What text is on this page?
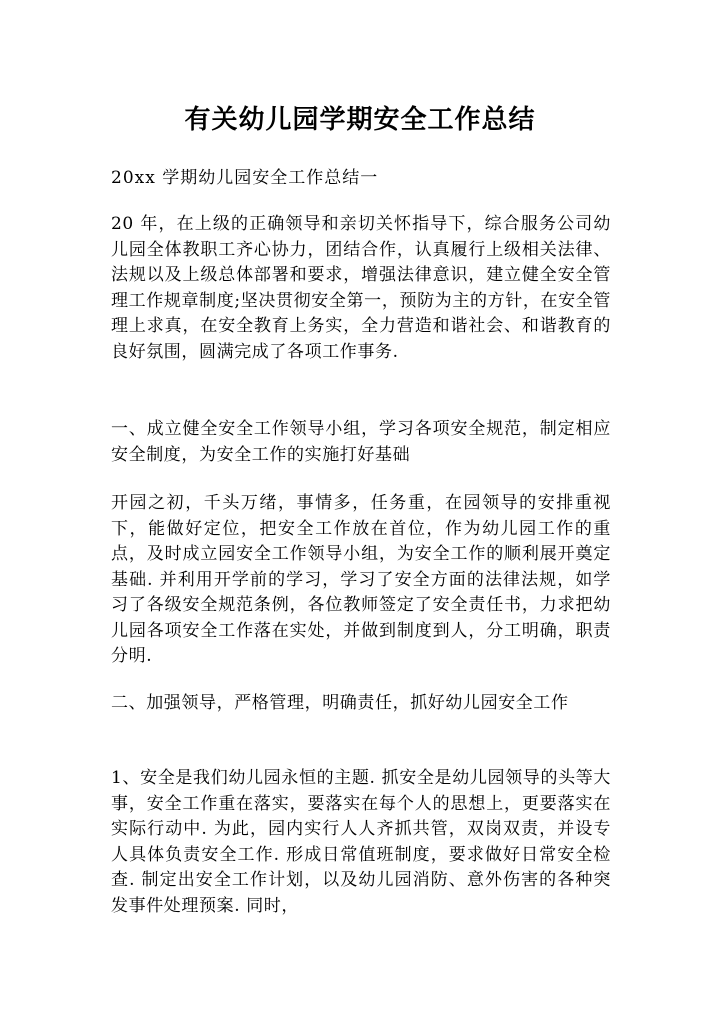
有关幼儿园学期安全工作总结

20xx 学期幼儿园安全工作总结一

20 年，在上级的正确领导和亲切关怀指导下，综合服务公司幼儿园全体教职工齐心协力，团结合作，认真履行上级相关法律、法规以及上级总体部署和要求，增强法律意识，建立健全安全管理工作规章制度;坚决贯彻安全第一，预防为主的方针，在安全管理上求真，在安全教育上务实，全力营造和谐社会、和谐教育的良好氛围，圆满完成了各项工作事务.

一、成立健全安全工作领导小组，学习各项安全规范，制定相应安全制度，为安全工作的实施打好基础

开园之初，千头万绪，事情多，任务重，在园领导的安排重视下，能做好定位，把安全工作放在首位，作为幼儿园工作的重点，及时成立园安全工作领导小组，为安全工作的顺利展开奠定基础. 并利用开学前的学习，学习了安全方面的法律法规，如学习了各级安全规范条例，各位教师签定了安全责任书，力求把幼儿园各项安全工作落在实处，并做到制度到人，分工明确，职责分明.

二、加强领导，严格管理，明确责任，抓好幼儿园安全工作

1、安全是我们幼儿园永恒的主题. 抓安全是幼儿园领导的头等大事，安全工作重在落实，要落实在每个人的思想上，更要落实在实际行动中. 为此，园内实行人人齐抓共管，双岗双责，并设专人具体负责安全工作. 形成日常值班制度，要求做好日常安全检查. 制定出安全工作计划，以及幼儿园消防、意外伤害的各种突发事件处理预案. 同时，
